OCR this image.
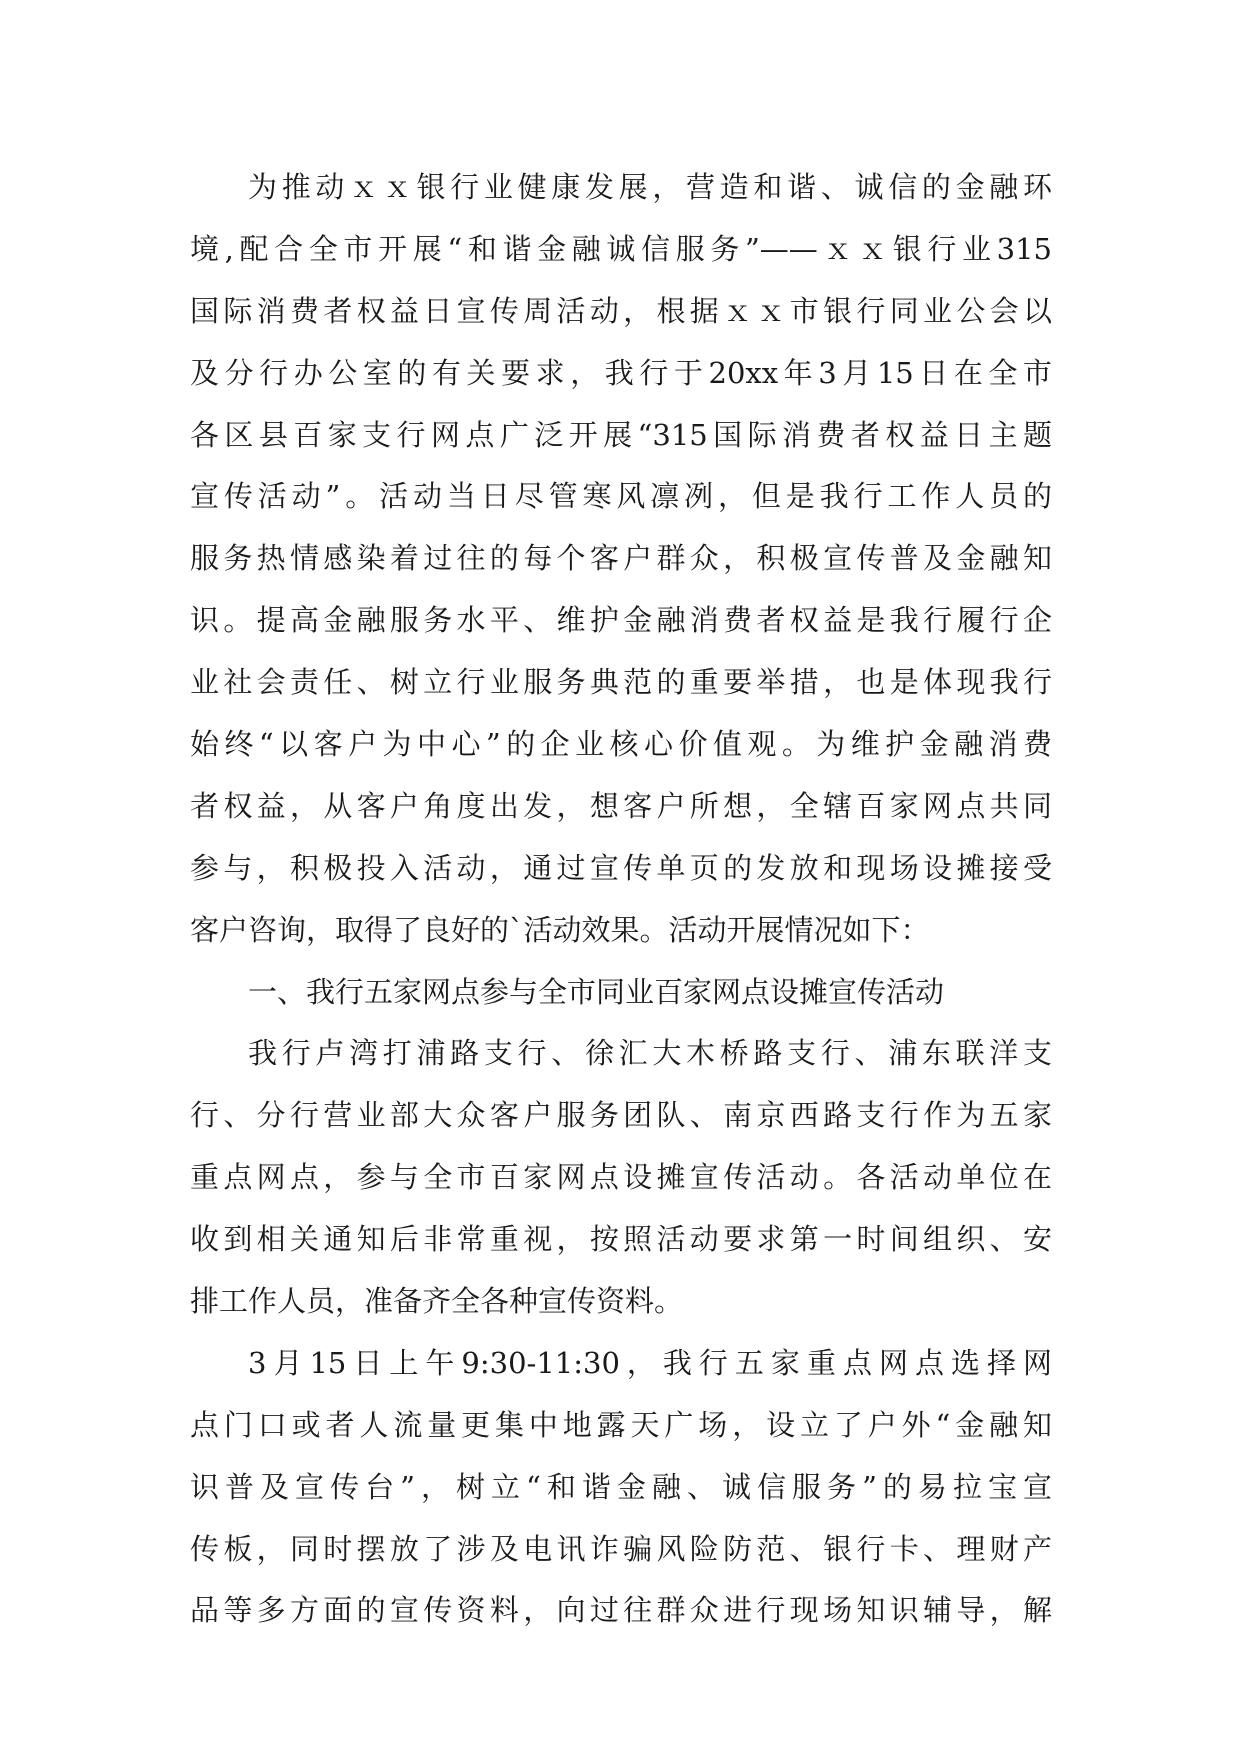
为推动ｘｘ银行业健康发展，营造和谐、诚信的金融环
境,配合全市开展“和谐金融诚信服务”——ｘｘ银行业315
国际消费者权益日宣传周活动，根据ｘｘ市银行同业公会以
及分行办公室的有关要求，我行于20xx年3月15日在全市
各区县百家支行网点广泛开展“315国际消费者权益日主题
宣传活动”。活动当日尽管寒风凛冽，但是我行工作人员的
服务热情感染着过往的每个客户群众，积极宣传普及金融知
识。提高金融服务水平、维护金融消费者权益是我行履行企
业社会责任、树立行业服务典范的重要举措，也是体现我行
始终“以客户为中心”的企业核心价值观。为维护金融消费
者权益，从客户角度出发，想客户所想，全辖百家网点共同
参与，积极投入活动，通过宣传单页的发放和现场设摊接受
客户咨询，取得了良好的`活动效果。活动开展情况如下：
一、我行五家网点参与全市同业百家网点设摊宣传活动
我行卢湾打浦路支行、徐汇大木桥路支行、浦东联洋支
行、分行营业部大众客户服务团队、南京西路支行作为五家
重点网点，参与全市百家网点设摊宣传活动。各活动单位在
收到相关通知后非常重视，按照活动要求第一时间组织、安
排工作人员，准备齐全各种宣传资料。
3月15日上午9:30-11:30，我行五家重点网点选择网
点门口或者人流量更集中地露天广场，设立了户外“金融知
识普及宣传台”，树立“和谐金融、诚信服务”的易拉宝宣
传板，同时摆放了涉及电讯诈骗风险防范、银行卡、理财产
品等多方面的宣传资料，向过往群众进行现场知识辅导，解
